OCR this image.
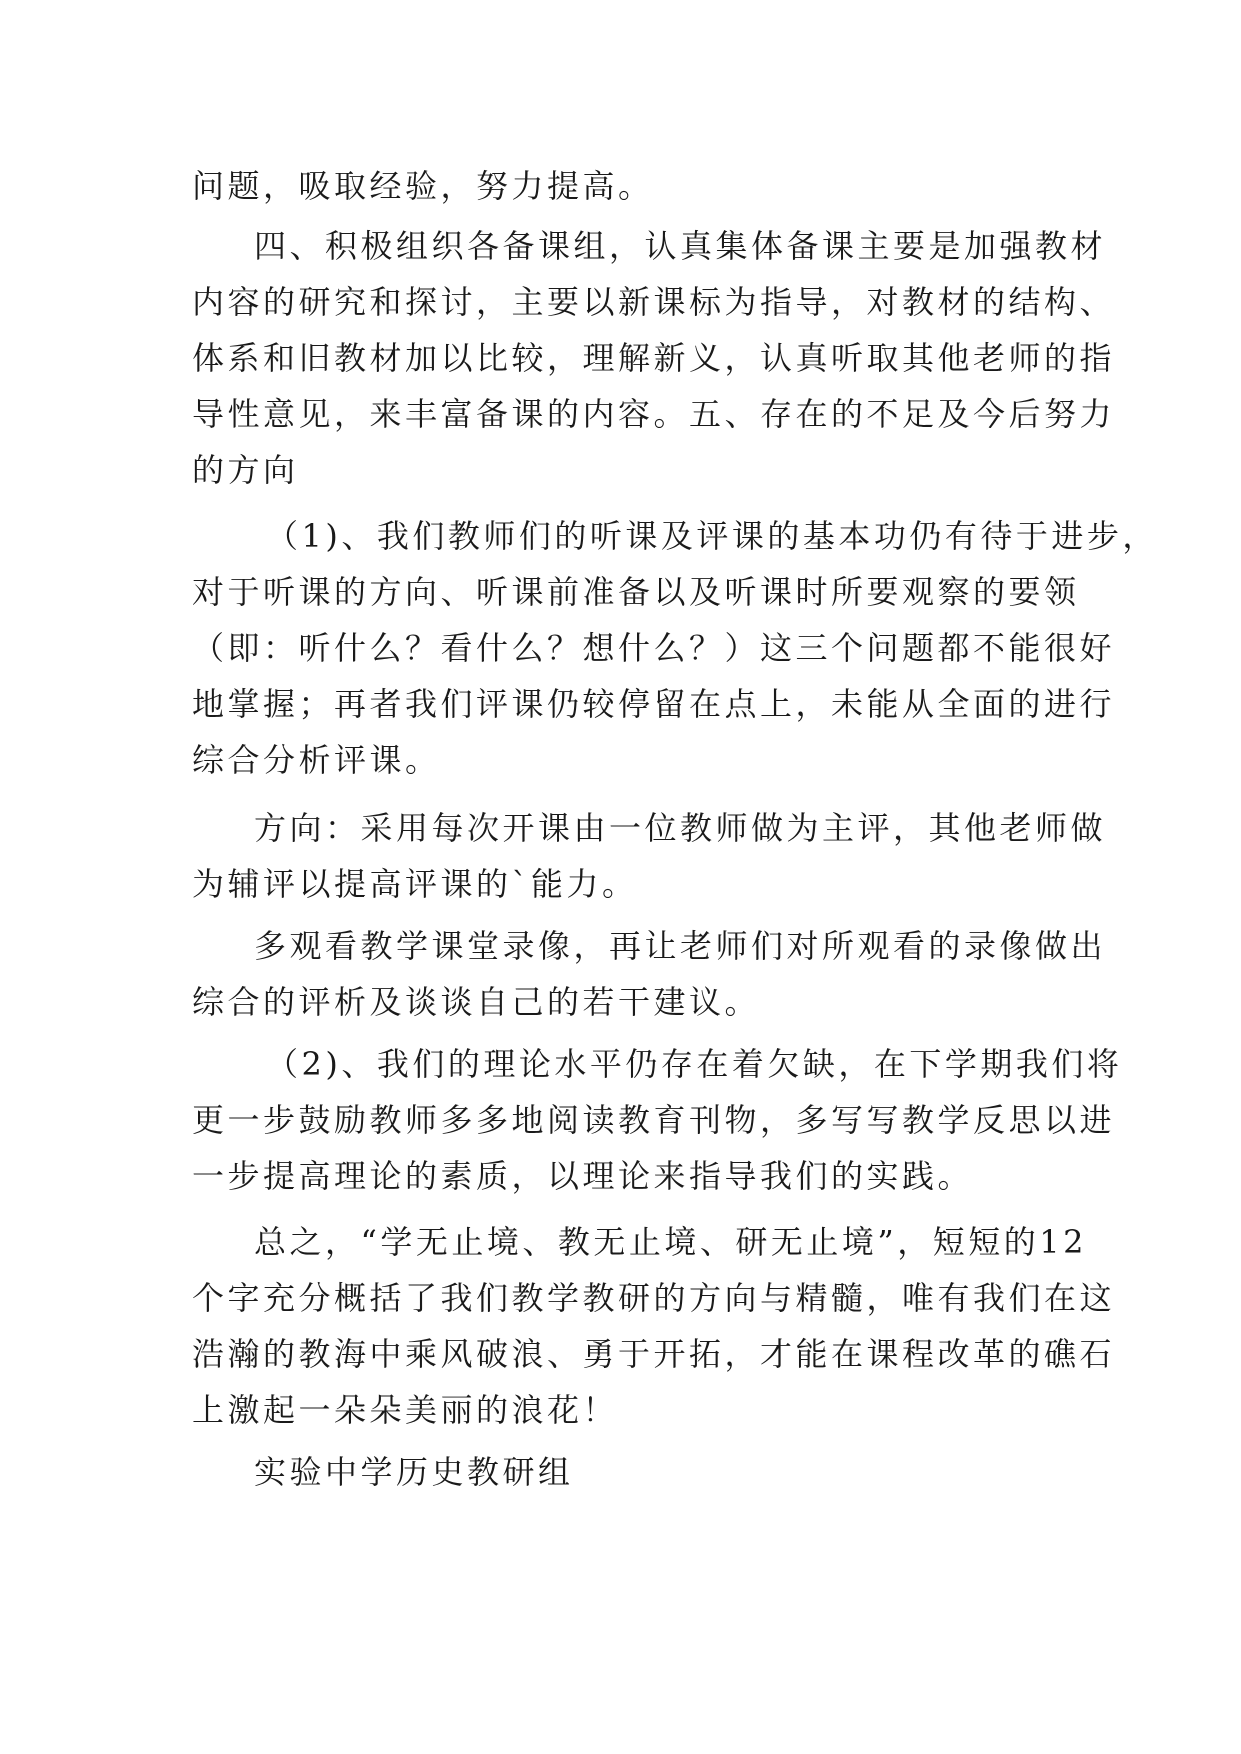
问题，吸取经验，努力提高。
四、积极组织各备课组，认真集体备课主要是加强教材
内容的研究和探讨，主要以新课标为指导，对教材的结构、
体系和旧教材加以比较，理解新义，认真听取其他老师的指
导性意见，来丰富备课的内容。五、存在的不足及今后努力
的方向
（1)、我们教师们的听课及评课的基本功仍有待于进步，
对于听课的方向、听课前准备以及听课时所要观察的要领
（即：听什么？看什么？想什么？）这三个问题都不能很好
地掌握；再者我们评课仍较停留在点上，未能从全面的进行
综合分析评课。
方向：采用每次开课由一位教师做为主评，其他老师做
为辅评以提高评课的`能力。
多观看教学课堂录像，再让老师们对所观看的录像做出
综合的评析及谈谈自己的若干建议。
（2)、我们的理论水平仍存在着欠缺，在下学期我们将
更一步鼓励教师多多地阅读教育刊物，多写写教学反思以进
一步提高理论的素质，以理论来指导我们的实践。
总之，“学无止境、教无止境、研无止境”，短短的12
个字充分概括了我们教学教研的方向与精髓，唯有我们在这
浩瀚的教海中乘风破浪、勇于开拓，才能在课程改革的礁石
上激起一朵朵美丽的浪花！
实验中学历史教研组
